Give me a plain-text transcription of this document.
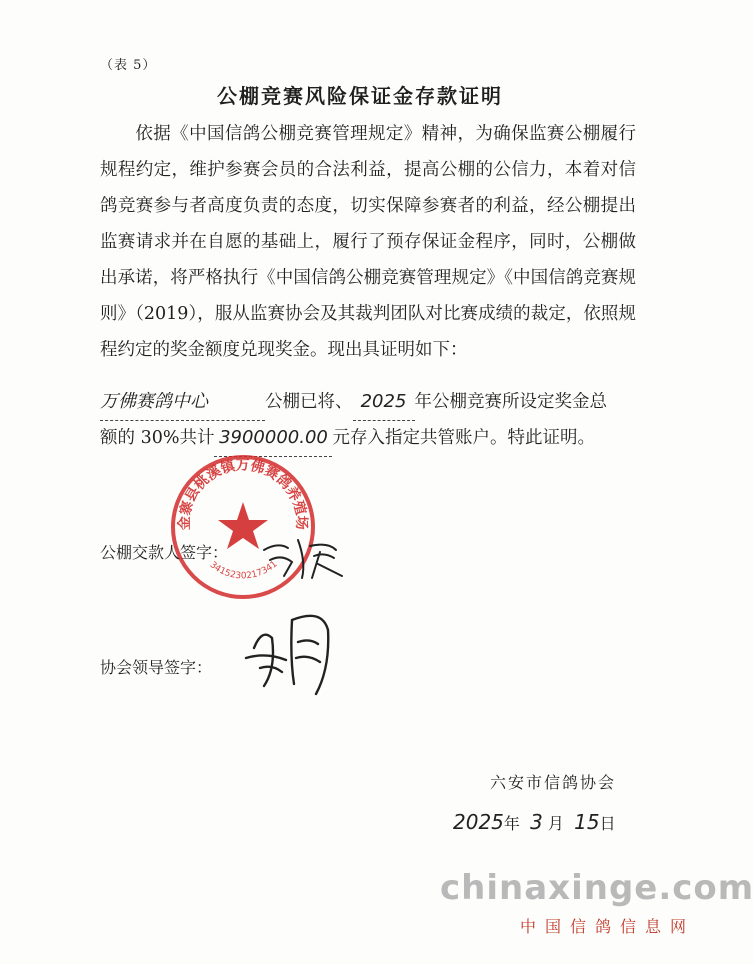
（表 5）
公棚竞赛风险保证金存款证明

依据《中国信鸽公棚竞赛管理规定》精神，为确保监赛公棚履行规程约定，维护参赛会员的合法利益，提高公棚的公信力，本着对信鸽竞赛参与者高度负责的态度，切实保障参赛者的利益，经公棚提出监赛请求并在自愿的基础上，履行了预存保证金程序，同时，公棚做出承诺，将严格执行《中国信鸽公棚竞赛管理规定》《中国信鸽竞赛规则》（2019），服从监赛协会及其裁判团队对比赛成绩的裁定，依照规程约定的奖金额度兑现奖金。现出具证明如下：

万佛赛鸽中心	公棚已将、 2025 年公棚竞赛所设定奖金总
额的 30%共计 3900000.00 元存入指定共管账户。特此证明。
金寨县桃溪镇万佛赛鸽养殖场
3415230217341
公棚交款人签字：
协会领导签字：
六安市信鸽协会
2025年 3 月 15日
chinaxinge.com
中国信鸽信息网
